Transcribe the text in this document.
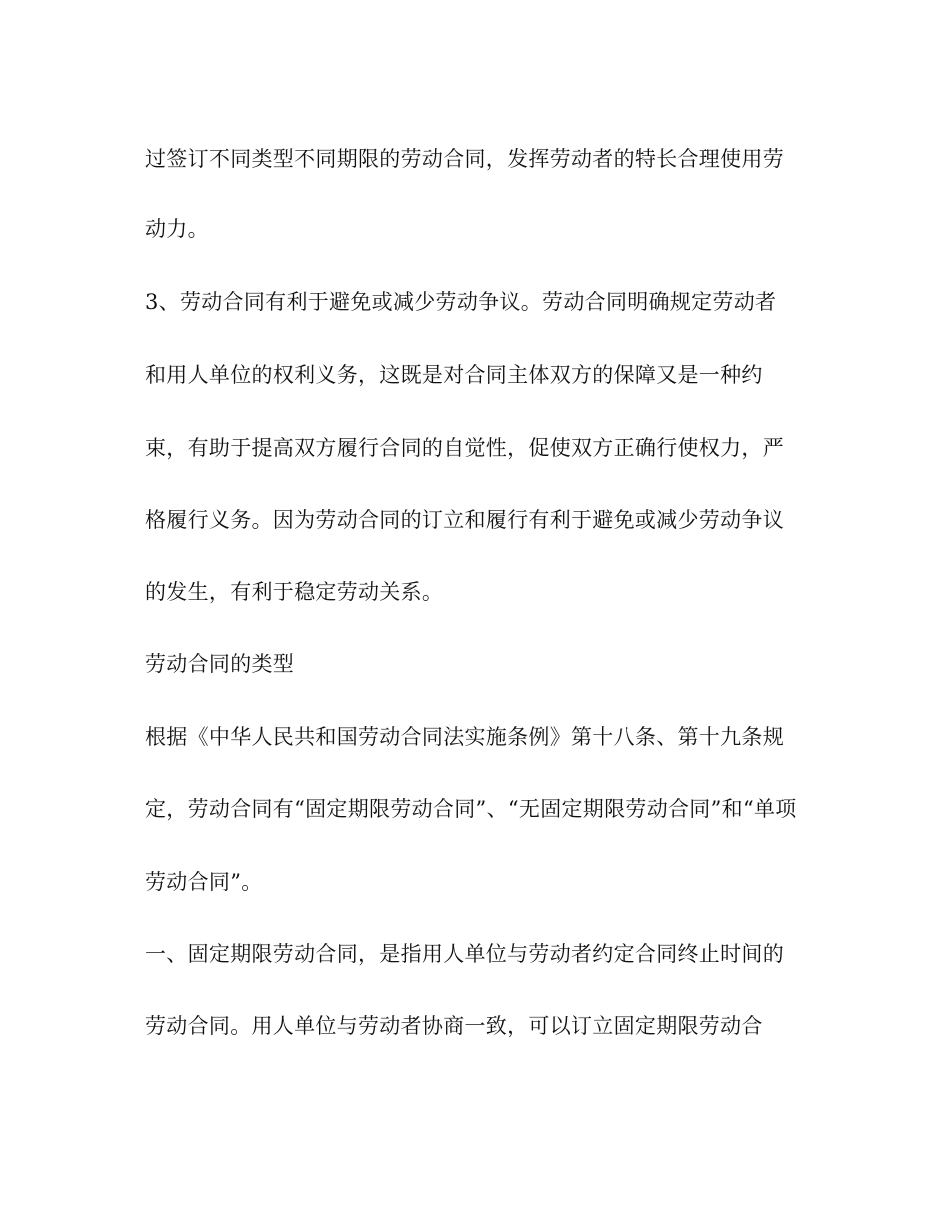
过签订不同类型不同期限的劳动合同，发挥劳动者的特长合理使用劳
动力。
3、劳动合同有利于避免或减少劳动争议。劳动合同明确规定劳动者
和用人单位的权利义务，这既是对合同主体双方的保障又是一种约
束，有助于提高双方履行合同的自觉性，促使双方正确行使权力，严
格履行义务。因为劳动合同的订立和履行有利于避免或减少劳动争议
的发生，有利于稳定劳动关系。
劳动合同的类型
根据《中华人民共和国劳动合同法实施条例》第十八条、第十九条规
定，劳动合同有“固定期限劳动合同”、“无固定期限劳动合同”和“单项
劳动合同”。
一、固定期限劳动合同，是指用人单位与劳动者约定合同终止时间的
劳动合同。用人单位与劳动者协商一致，可以订立固定期限劳动合
